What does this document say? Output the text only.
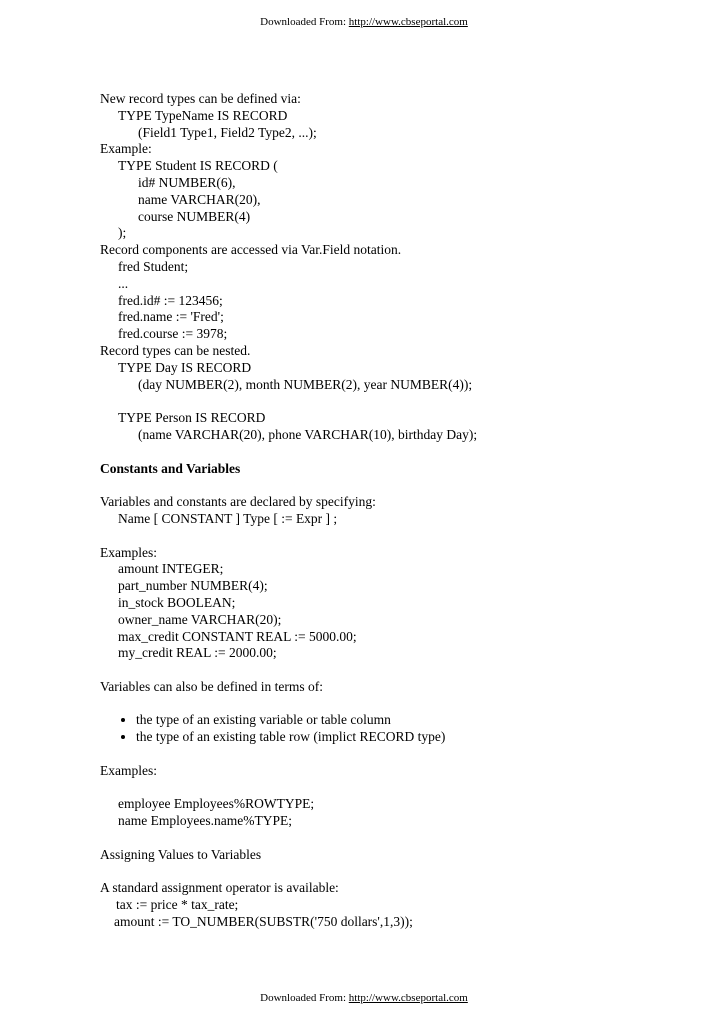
Downloaded From: http://www.cbseportal.com
New record types can be defined via:
TYPE TypeName IS RECORD
(Field1 Type1, Field2 Type2, ...);
Example:
TYPE Student IS RECORD (
id# NUMBER(6),
name VARCHAR(20),
course NUMBER(4)
);
Record components are accessed via Var.Field notation.
fred Student;
...
fred.id# := 123456;
fred.name := 'Fred';
fred.course := 3978;
Record types can be nested.
TYPE Day IS RECORD
(day NUMBER(2), month NUMBER(2), year NUMBER(4));
TYPE Person IS RECORD
(name VARCHAR(20), phone VARCHAR(10), birthday Day);
Constants and Variables
Variables and constants are declared by specifying:
Name [ CONSTANT ] Type [ := Expr ] ;
Examples:
amount INTEGER;
part_number NUMBER(4);
in_stock BOOLEAN;
owner_name VARCHAR(20);
max_credit CONSTANT REAL := 5000.00;
my_credit REAL := 2000.00;
Variables can also be defined in terms of:
• the type of an existing variable or table column
• the type of an existing table row (implict RECORD type)
Examples:
employee Employees%ROWTYPE;
name Employees.name%TYPE;
Assigning Values to Variables
A standard assignment operator is available:
tax := price * tax_rate;
amount := TO_NUMBER(SUBSTR('750 dollars',1,3));
Downloaded From: http://www.cbseportal.com
